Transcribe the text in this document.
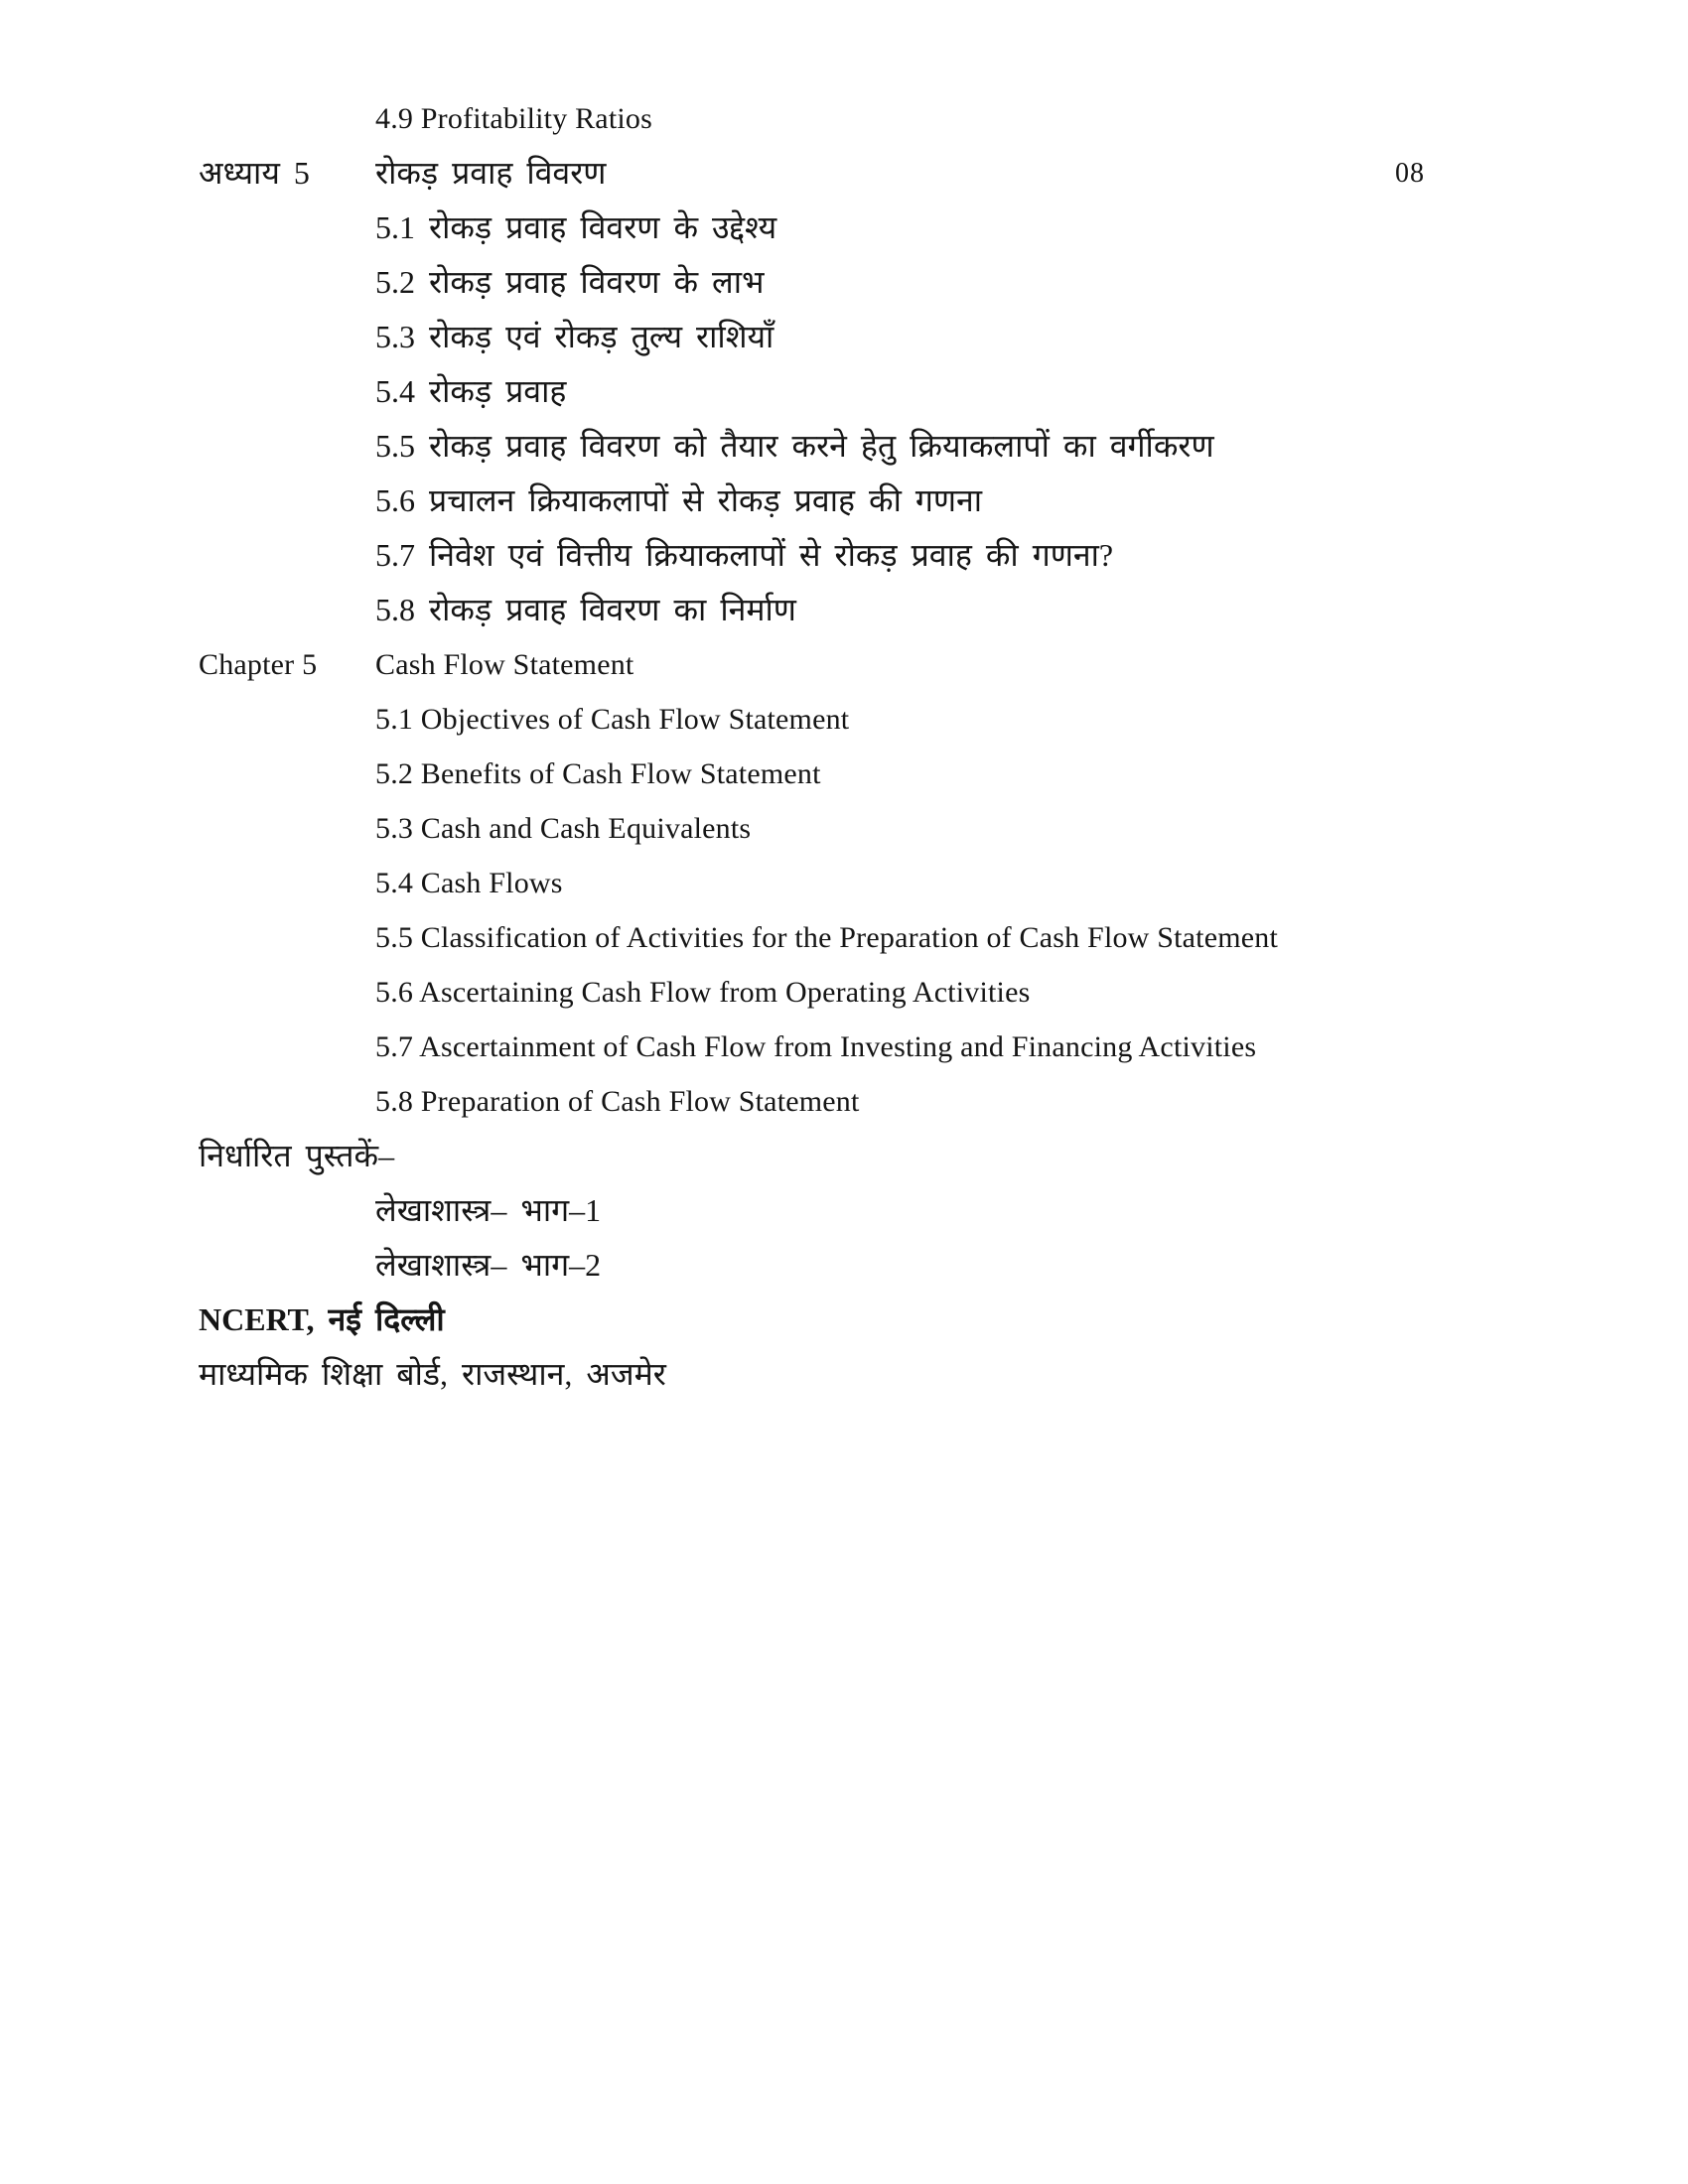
4.9 Profitability Ratios
अध्याय 5	रोकड़ प्रवाह विवरण	08
5.1 रोकड़ प्रवाह विवरण के उद्देश्य
5.2 रोकड़ प्रवाह विवरण के लाभ
5.3 रोकड़ एवं रोकड़ तुल्य राशियाँ
5.4 रोकड़ प्रवाह
5.5 रोकड़ प्रवाह विवरण को तैयार करने हेतु क्रियाकलापों का वर्गीकरण
5.6 प्रचालन क्रियाकलापों से रोकड़ प्रवाह की गणना
5.7 निवेश एवं वित्तीय क्रियाकलापों से रोकड़ प्रवाह की गणना?
5.8 रोकड़ प्रवाह विवरण का निर्माण
Chapter 5	Cash Flow Statement
5.1 Objectives of Cash Flow Statement
5.2 Benefits of Cash Flow Statement
5.3 Cash and Cash Equivalents
5.4 Cash Flows
5.5 Classification of Activities for the Preparation of Cash Flow Statement
5.6 Ascertaining Cash Flow from Operating Activities
5.7 Ascertainment of Cash Flow from Investing and Financing Activities
5.8 Preparation of Cash Flow Statement
निर्धारित पुस्तकें–
लेखाशास्त्र– भाग–1
लेखाशास्त्र– भाग–2
NCERT, नई दिल्ली
माध्यमिक शिक्षा बोर्ड, राजस्थान, अजमेर
